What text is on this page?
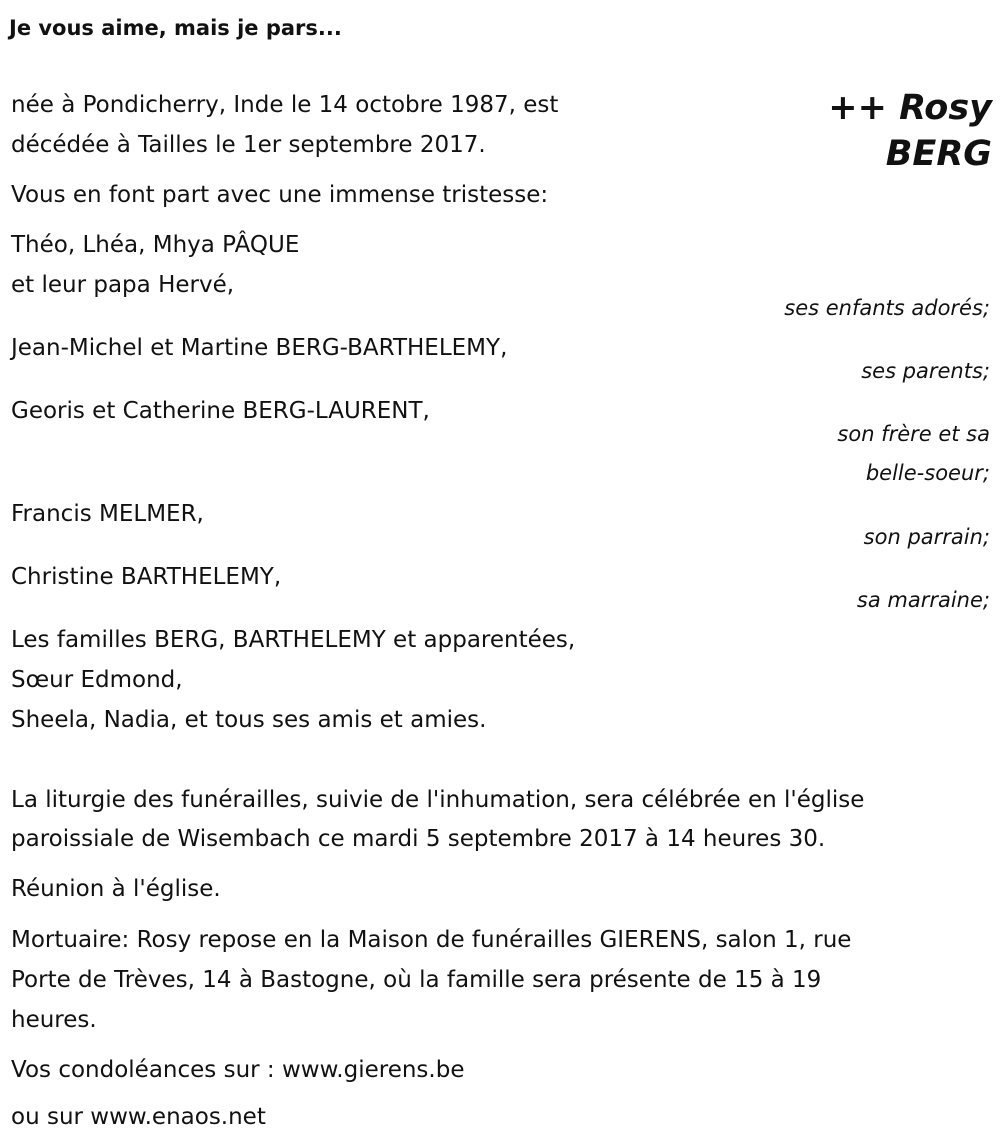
Je vous aime, mais je pars...
++ Rosy
BERG
née à Pondicherry, Inde le 14 octobre 1987, est
décédée à Tailles le 1er septembre 2017.
Vous en font part avec une immense tristesse:
Théo, Lhéa, Mhya PÂQUE
et leur papa Hervé,
ses enfants adorés;
Jean-Michel et Martine BERG-BARTHELEMY,
ses parents;
Georis et Catherine BERG-LAURENT,
son frère et sa
belle-soeur;
Francis MELMER,
son parrain;
Christine BARTHELEMY,
sa marraine;
Les familles BERG, BARTHELEMY et apparentées,
Sœur Edmond,
Sheela, Nadia, et tous ses amis et amies.
La liturgie des funérailles, suivie de l'inhumation, sera célébrée en l'église
paroissiale de Wisembach ce mardi 5 septembre 2017 à 14 heures 30.
Réunion à l'église.
Mortuaire: Rosy repose en la Maison de funérailles GIERENS, salon 1, rue
Porte de Trèves, 14 à Bastogne, où la famille sera présente de 15 à 19
heures.
Vos condoléances sur : www.gierens.be
ou sur www.enaos.net
